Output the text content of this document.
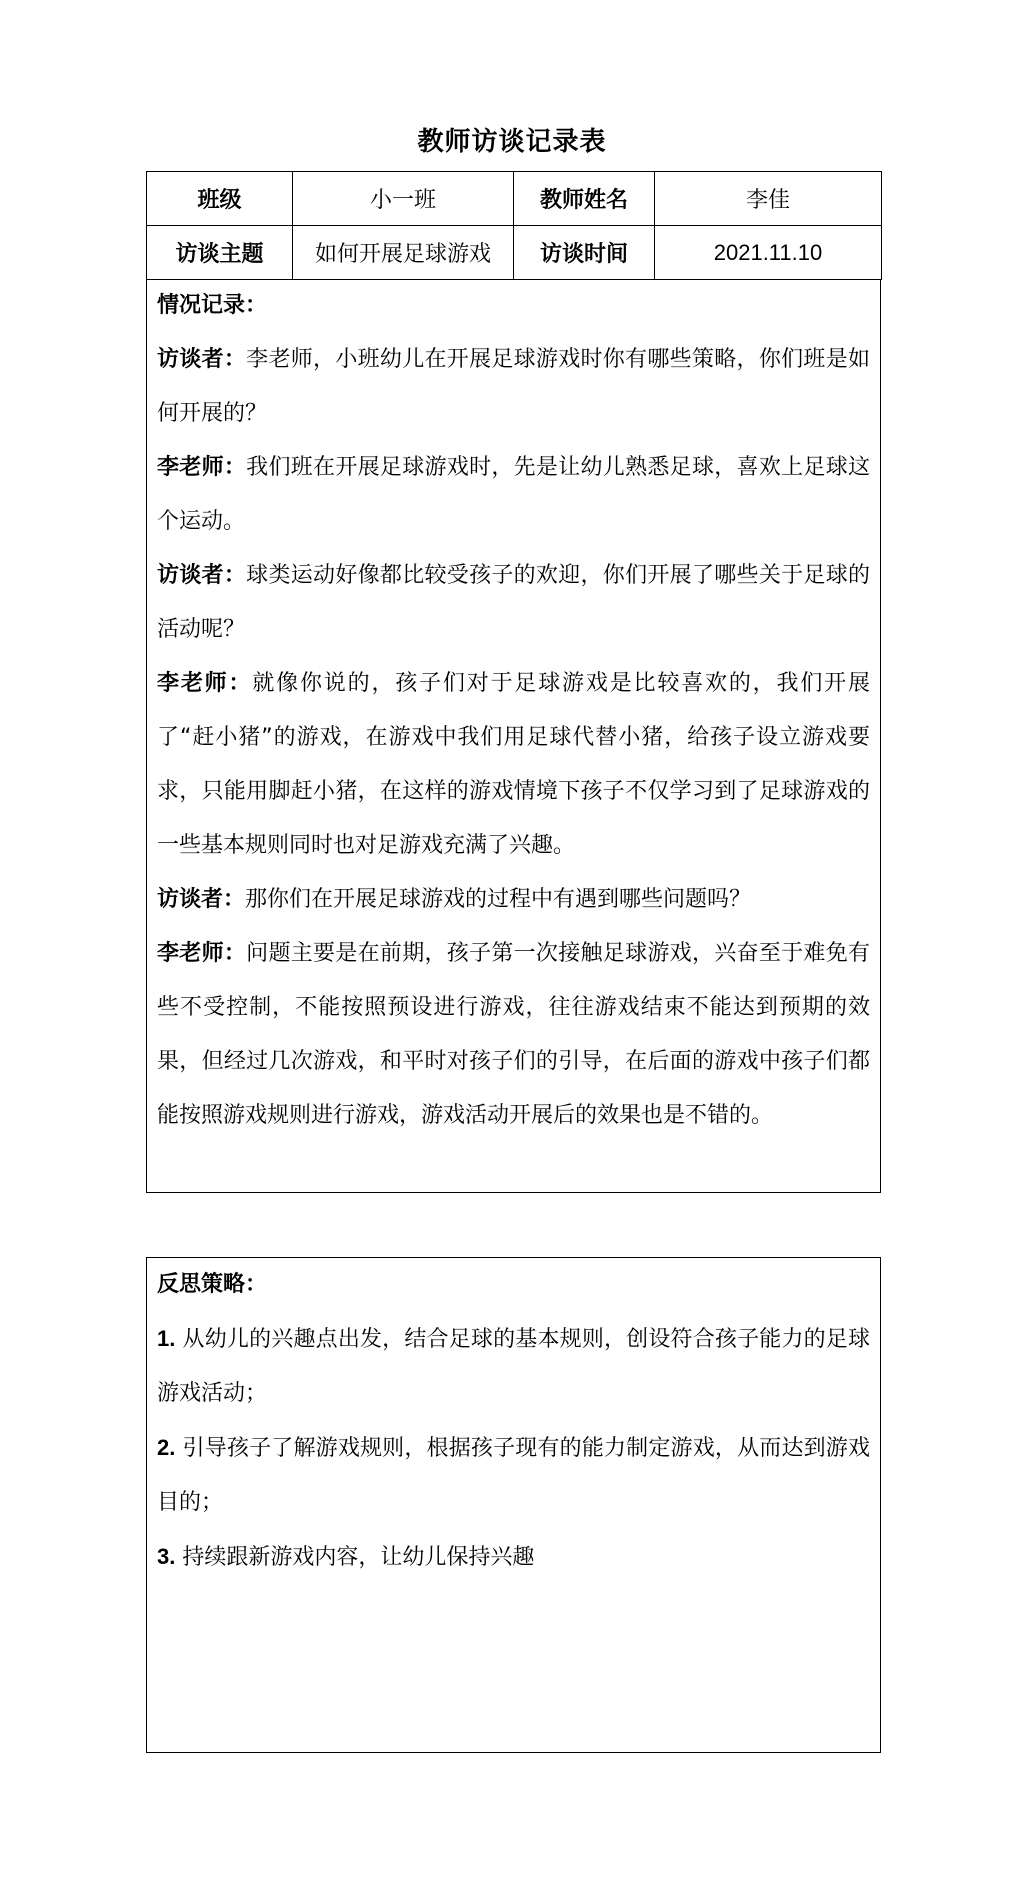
教师访谈记录表
班级	小一班	教师姓名	李佳
访谈主题	如何开展足球游戏	访谈时间	2021.11.10

情况记录：

访谈者：李老师，小班幼儿在开展足球游戏时你有哪些策略，你们班是如何开展的？

李老师：我们班在开展足球游戏时，先是让幼儿熟悉足球，喜欢上足球这个运动。

访谈者：球类运动好像都比较受孩子的欢迎，你们开展了哪些关于足球的活动呢？

李老师：就像你说的，孩子们对于足球游戏是比较喜欢的，我们开展了“赶小猪”的游戏，在游戏中我们用足球代替小猪，给孩子设立游戏要求，只能用脚赶小猪，在这样的游戏情境下孩子不仅学习到了足球游戏的一些基本规则同时也对足游戏充满了兴趣。

访谈者：那你们在开展足球游戏的过程中有遇到哪些问题吗？

李老师：问题主要是在前期，孩子第一次接触足球游戏，兴奋至于难免有些不受控制，不能按照预设进行游戏，往往游戏结束不能达到预期的效果，但经过几次游戏，和平时对孩子们的引导，在后面的游戏中孩子们都能按照游戏规则进行游戏，游戏活动开展后的效果也是不错的。

反思策略：

1. 从幼儿的兴趣点出发，结合足球的基本规则，创设符合孩子能力的足球游戏活动；

2. 引导孩子了解游戏规则，根据孩子现有的能力制定游戏，从而达到游戏目的；

3. 持续跟新游戏内容，让幼儿保持兴趣
